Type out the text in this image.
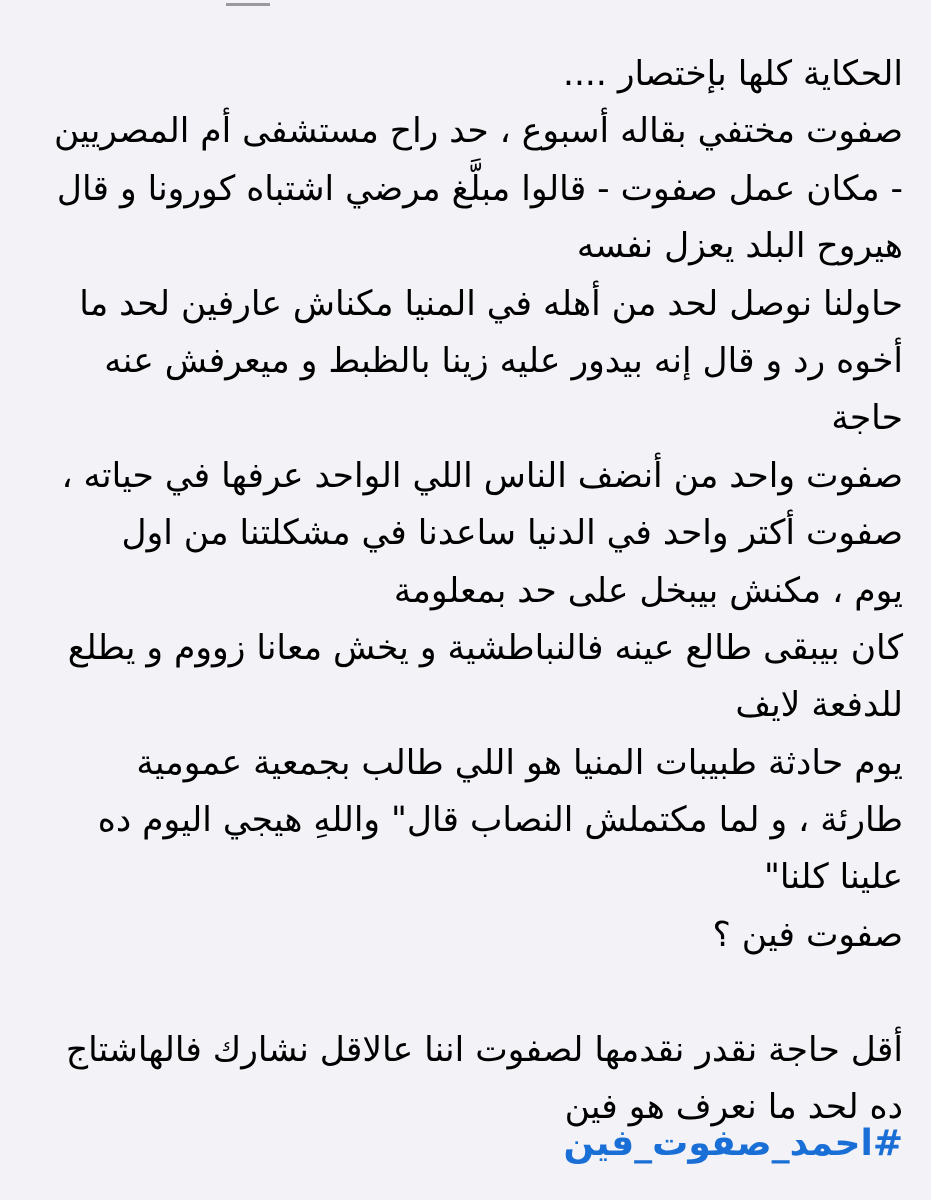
الحكاية كلها بإختصار ....
صفوت مختفي بقاله أسبوع ، حد راح مستشفى أم المصريين
- مكان عمل صفوت - قالوا مبلَّغ مرضي اشتباه كورونا و قال
هيروح البلد يعزل نفسه
حاولنا نوصل لحد من أهله في المنيا مكناش عارفين لحد ما
أخوه رد و قال إنه بيدور عليه زينا بالظبط و ميعرفش عنه
حاجة
صفوت واحد من أنضف الناس اللي الواحد عرفها في حياته ،
صفوت أكتر واحد في الدنيا ساعدنا في مشكلتنا من اول
يوم ، مكنش بيبخل على حد بمعلومة
كان بيبقى طالع عينه فالنباطشية و يخش معانا زووم و يطلع
للدفعة لايف
يوم حادثة طبيبات المنيا هو اللي طالب بجمعية عمومية
طارئة ، و لما مكتملش النصاب قال" واللهِ هيجي اليوم ده
علينا كلنا"
صفوت فين ؟
أقل حاجة نقدر نقدمها لصفوت اننا عالاقل نشارك فالهاشتاج
ده لحد ما نعرف هو فين
#احمد_صفوت_فين
